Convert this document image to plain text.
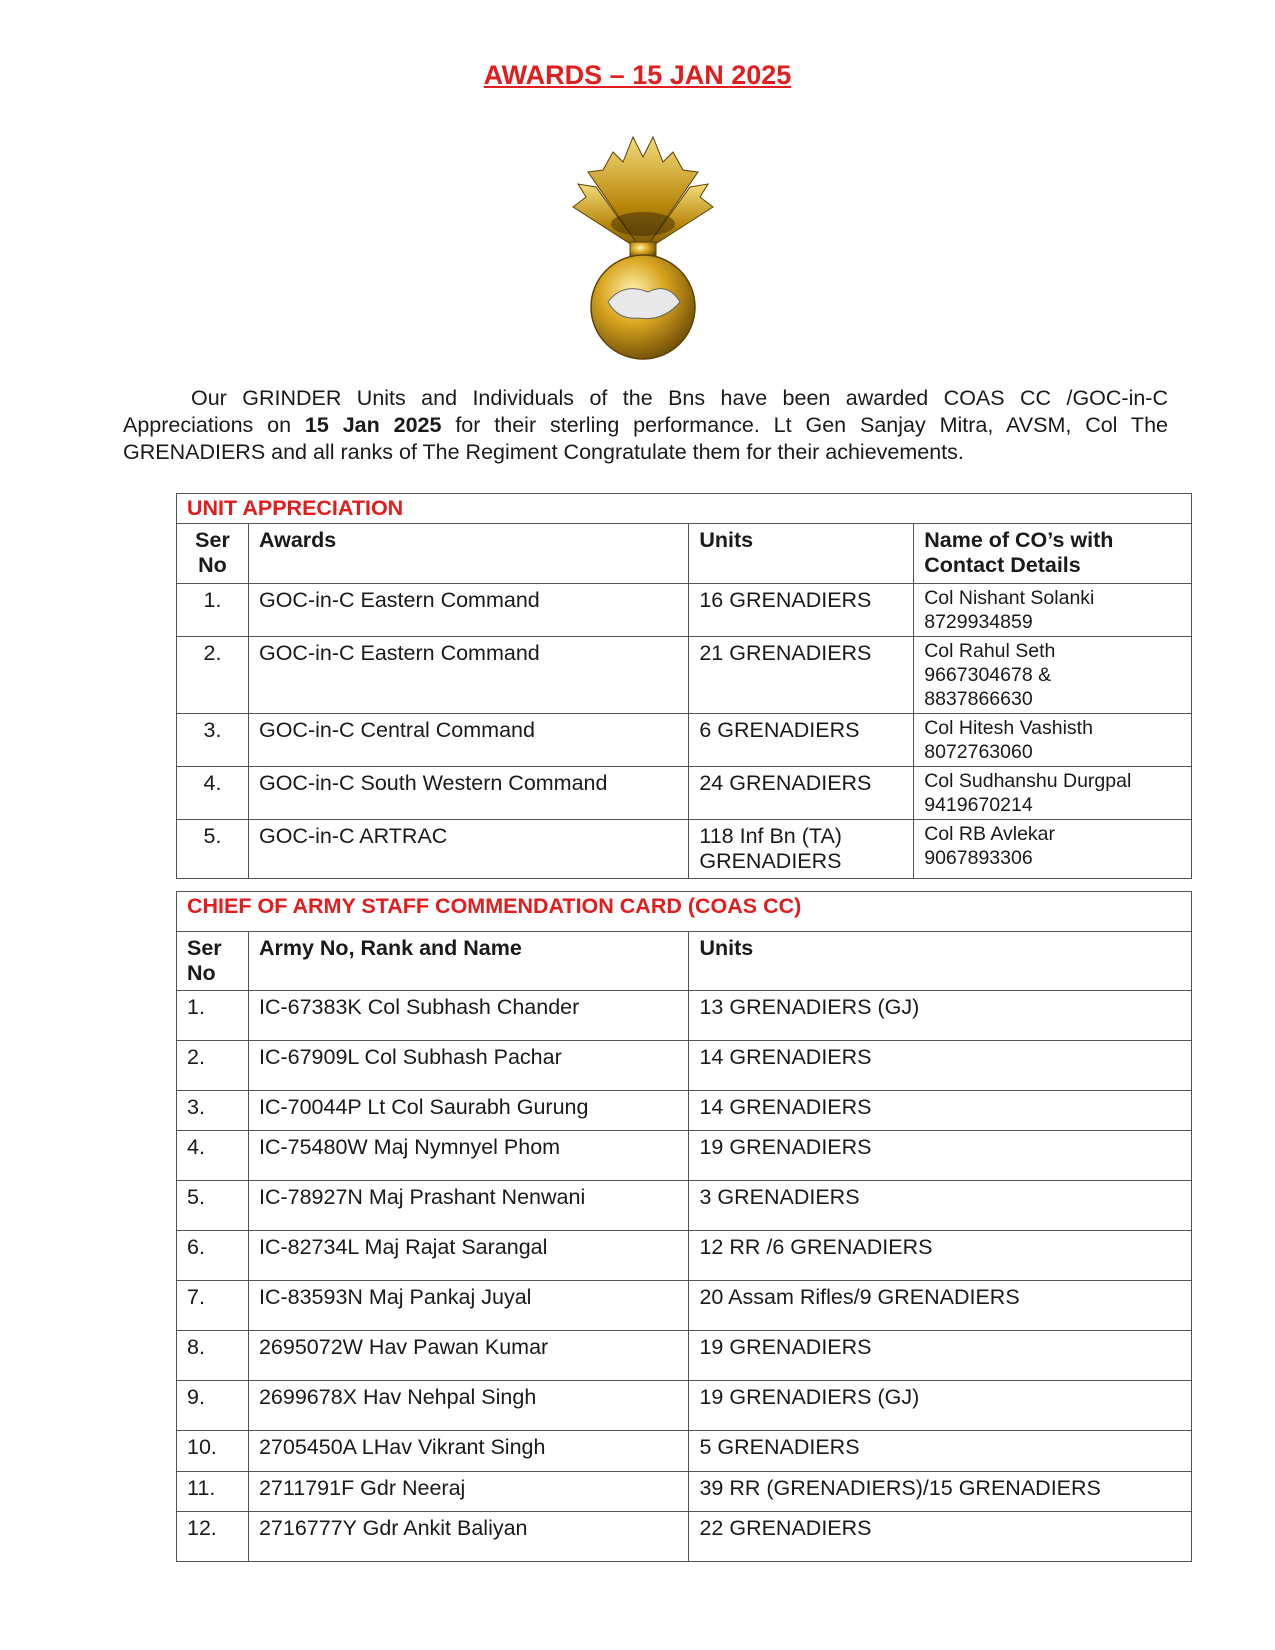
AWARDS – 15 JAN 2025
Our GRINDER Units and Individuals of the Bns have been awarded COAS CC /GOC-in-C Appreciations on 15 Jan 2025 for their sterling performance. Lt Gen Sanjay Mitra, AVSM, Col The GRENADIERS and all ranks of The Regiment Congratulate them for their achievements.
UNIT APPRECIATION			
Ser No	Awards	Units	Name of CO’s with Contact Details
1.	GOC-in-C Eastern Command	16 GRENADIERS	Col Nishant Solanki
8729934859

2.	GOC-in-C Eastern Command	21 GRENADIERS	Col Rahul Seth
9667304678 & 8837866630

3.	GOC-in-C Central Command	6 GRENADIERS	Col Hitesh Vashisth
8072763060

4.	GOC-in-C South Western Command	24 GRENADIERS	Col Sudhanshu Durgpal
9419670214

5.	GOC-in-C ARTRAC	118 Inf Bn (TA) GRENADIERS	Col RB Avlekar
9067893306
CHIEF OF ARMY STAFF COMMENDATION CARD (COAS CC)		
Ser No	Army No, Rank and Name	Units
1.	IC-67383K Col Subhash Chander	13 GRENADIERS (GJ)
2.	IC-67909L Col Subhash Pachar	14 GRENADIERS
3.	IC-70044P Lt Col Saurabh Gurung	14 GRENADIERS
4.	IC-75480W Maj Nymnyel Phom	19 GRENADIERS
5.	IC-78927N Maj Prashant Nenwani	3 GRENADIERS
6.	IC-82734L Maj Rajat Sarangal	12 RR /6 GRENADIERS
7.	IC-83593N Maj Pankaj Juyal	20 Assam Rifles/9 GRENADIERS
8.	2695072W Hav Pawan Kumar	19 GRENADIERS
9.	2699678X Hav Nehpal Singh	19 GRENADIERS (GJ)
10.	2705450A LHav Vikrant Singh	5 GRENADIERS
11.	2711791F Gdr Neeraj	39 RR (GRENADIERS)/15 GRENADIERS
12.	2716777Y Gdr Ankit Baliyan	22 GRENADIERS
